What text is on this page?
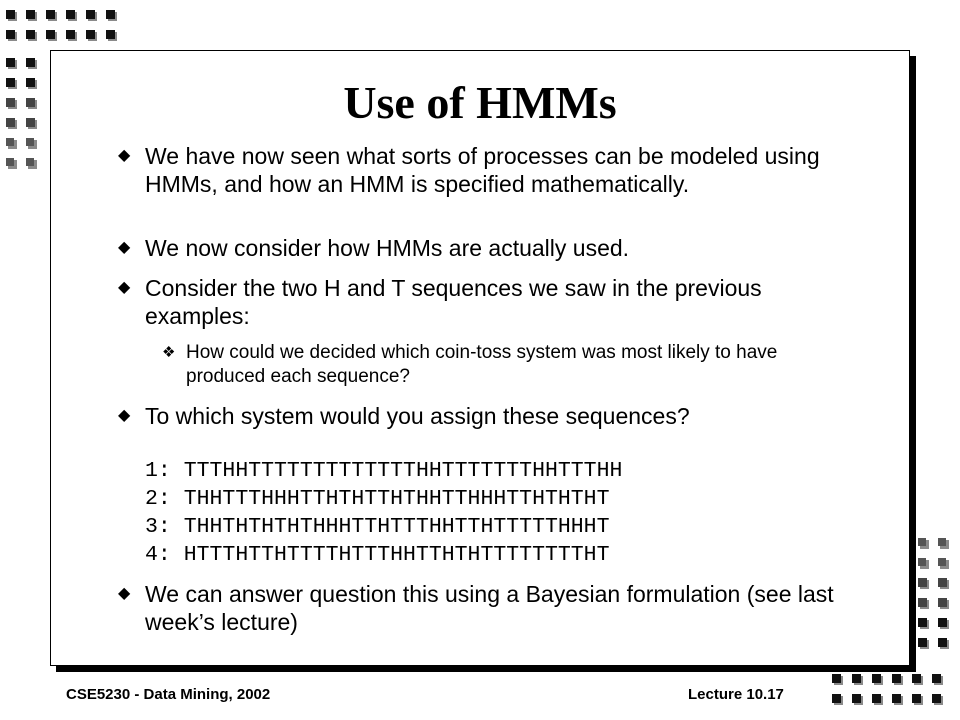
Use of HMMs
◆ We have now seen what sorts of processes can be modeled using HMMs, and how an HMM is specified mathematically.
◆ We now consider how HMMs are actually used.
◆ Consider the two H and T sequences we saw in the previous examples:
❖ How could we decided which coin-toss system was most likely to have produced each sequence?
◆ To which system would you assign these sequences?
1: TTTHHTTTTTTTTTTTTTHHTTTTTTTHHTTTHH
2: THHTTTHHHTTHTHTTHTHHTTHHHTTHTHTHT
3: THHTHTHTHTHHHTTHTTTHHTTHTTTTTHHHT
4: HTTTHTTHTTTTHTTTHHTTHTHTTTTTTTTHT
◆ We can answer question this using a Bayesian formulation (see last week’s lecture)
CSE5230 - Data Mining, 2002	Lecture 10.17
